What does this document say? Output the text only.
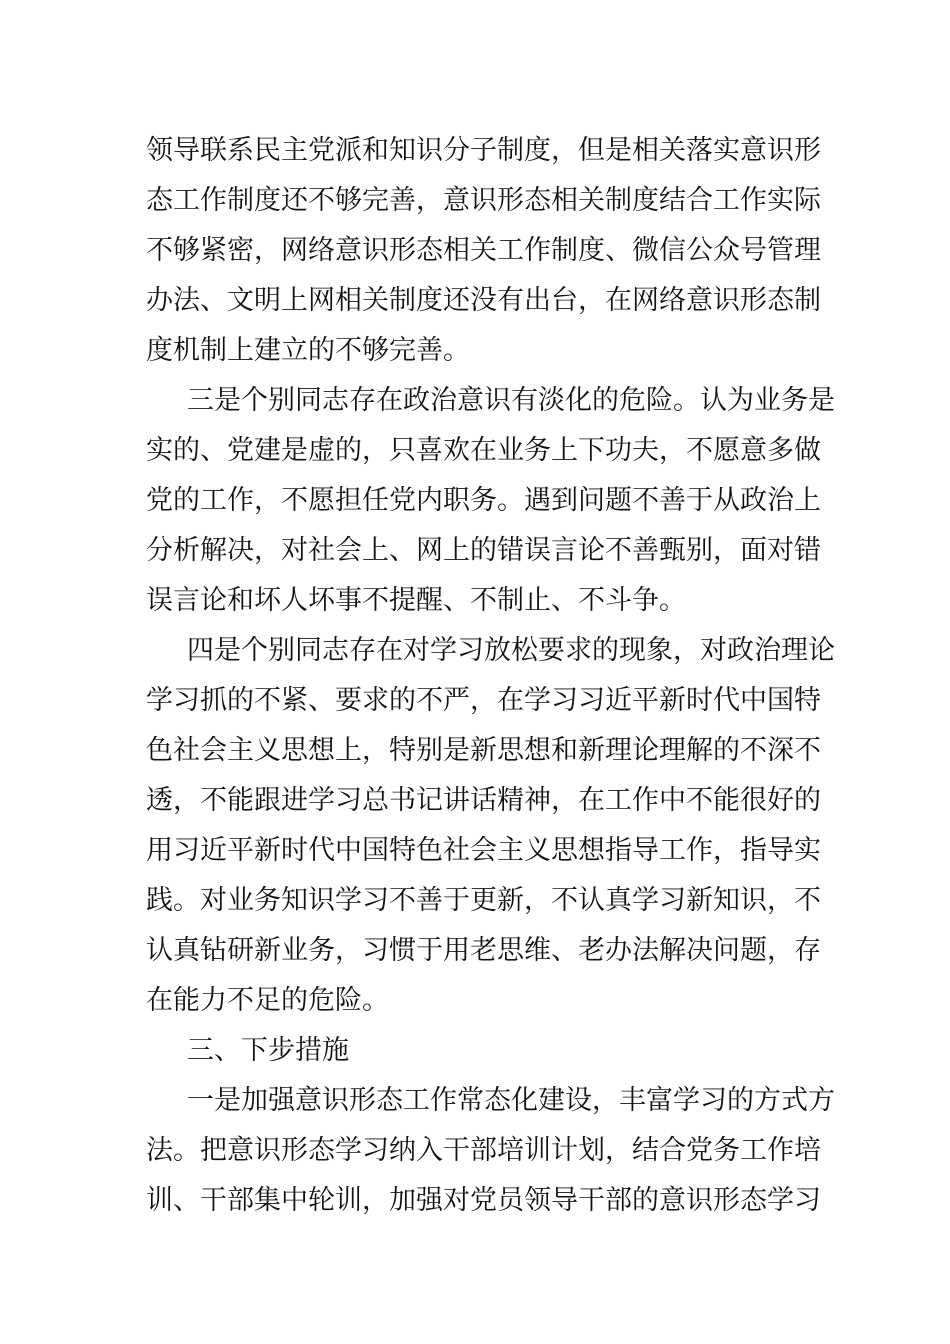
领导联系民主党派和知识分子制度，但是相关落实意识形
态工作制度还不够完善，意识形态相关制度结合工作实际
不够紧密，网络意识形态相关工作制度、微信公众号管理
办法、文明上网相关制度还没有出台，在网络意识形态制
度机制上建立的不够完善。
三是个别同志存在政治意识有淡化的危险。认为业务是
实的、党建是虚的，只喜欢在业务上下功夫，不愿意多做
党的工作，不愿担任党内职务。遇到问题不善于从政治上
分析解决，对社会上、网上的错误言论不善甄别，面对错
误言论和坏人坏事不提醒、不制止、不斗争。
四是个别同志存在对学习放松要求的现象，对政治理论
学习抓的不紧、要求的不严，在学习习近平新时代中国特
色社会主义思想上，特别是新思想和新理论理解的不深不
透，不能跟进学习总书记讲话精神，在工作中不能很好的
用习近平新时代中国特色社会主义思想指导工作，指导实
践。对业务知识学习不善于更新，不认真学习新知识，不
认真钻研新业务，习惯于用老思维、老办法解决问题，存
在能力不足的危险。
三、下步措施
一是加强意识形态工作常态化建设，丰富学习的方式方
法。把意识形态学习纳入干部培训计划，结合党务工作培
训、干部集中轮训，加强对党员领导干部的意识形态学习
